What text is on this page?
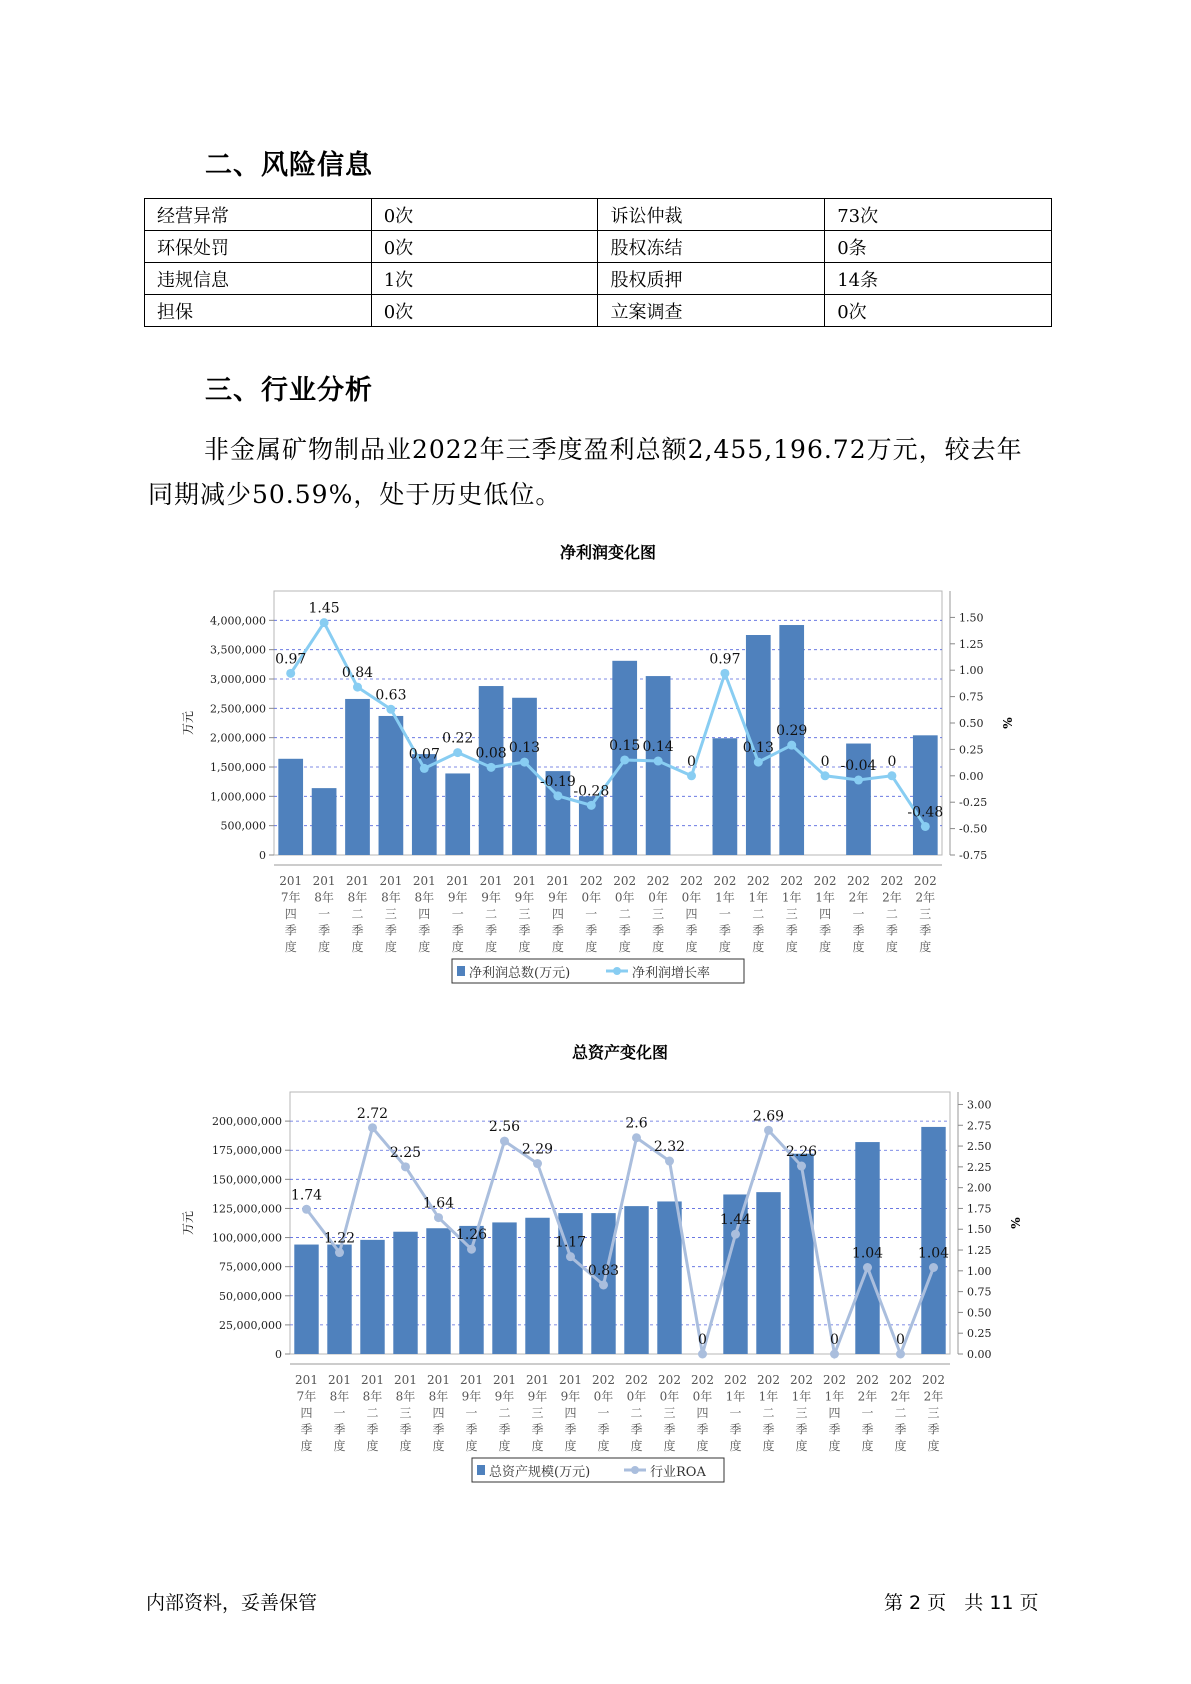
二、风险信息
经营异常	0次	诉讼仲裁	73次
环保处罚	0次	股权冻结	0条
违规信息	1次	股权质押	14条
担保	0次	立案调查	0次
三、行业分析
非金属矿物制品业2022年三季度盈利总额2,455,196.72万元，较去年同期减少50.59%，处于历史低位。
净利润变化图
0
500,000
1,000,000
1,500,000
2,000,000
2,500,000
3,000,000
3,500,000
4,000,000
-0.75
-0.50
-0.25
0.00
0.25
0.50
0.75
1.00
1.25
1.50
万元	%
0.97
1.45
0.84
0.63
0.07
0.22
0.08 0.13
-0.19
-0.28
0.15 0.14
0
0.97
0.13
0.29
0 -0.04 0
-0.48
201 7年四季度
201 8年一季度
201 8年二季度
201 8年三季度
201 8年四季度
201 9年一季度
201 9年二季度
201 9年三季度
201 9年四季度
202 0年一季度
202 0年二季度
202 0年三季度
202 0年四季度
202 1年一季度
202 1年二季度
202 1年三季度
202 1年四季度
202 2年一季度
202 2年二季度
202 2年三季度
净利润总数(万元)	净利润增长率
总资产变化图
0
25,000,000
50,000,000
75,000,000
100,000,000
125,000,000
150,000,000
175,000,000
200,000,000
0.00
0.25
0.50
0.75
1.00
1.25
1.50
1.75
2.00
2.25
2.50
2.75
3.00
万元	%
1.74
1.22
2.72
2.25
1.64
1.26
2.56
2.29
1.17
0.83
2.6
2.32
0
1.44
2.69
2.26
0
1.04
0
1.04
201 7年四季度
201 8年一季度
201 8年二季度
201 8年三季度
201 8年四季度
201 9年一季度
201 9年二季度
201 9年三季度
201 9年四季度
202 0年一季度
202 0年二季度
202 0年三季度
202 0年四季度
202 1年一季度
202 1年二季度
202 1年三季度
202 1年四季度
202 2年一季度
202 2年二季度
202 2年三季度
总资产规模(万元)	行业ROA
内部资料，妥善保管	第 2 页   共 11 页
